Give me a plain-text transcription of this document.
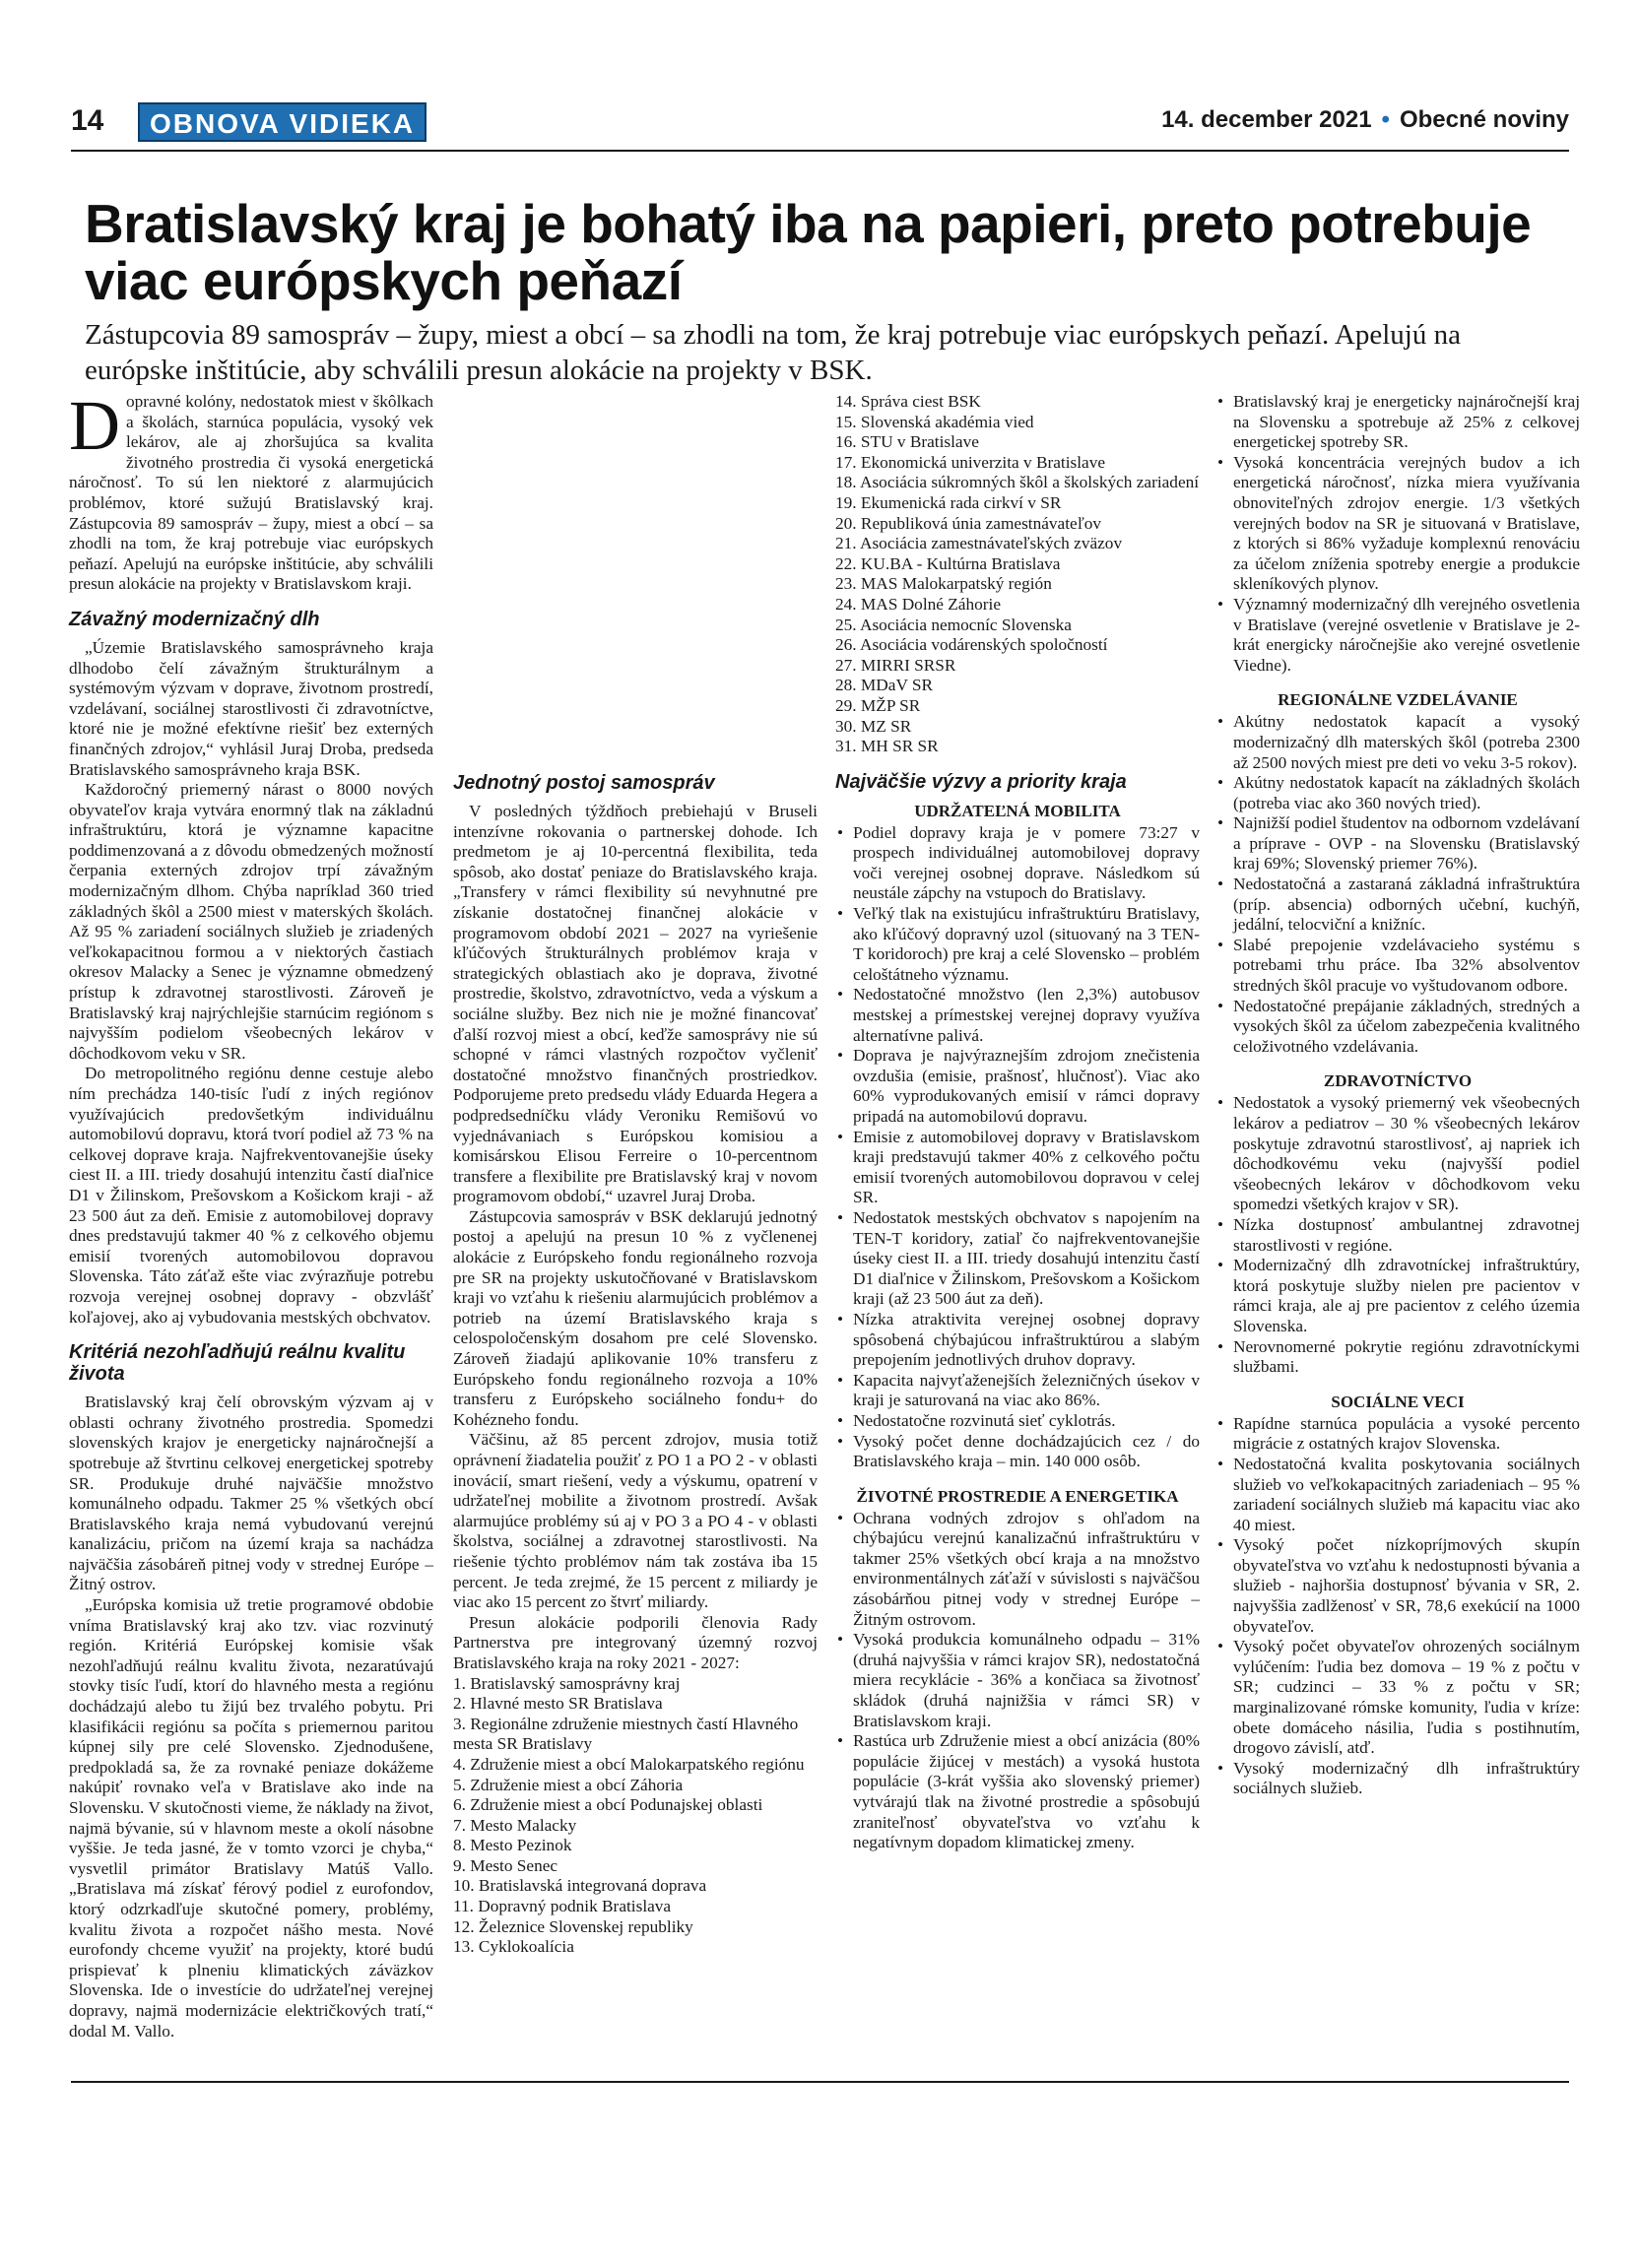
14	OBNOVA VIDIEKA	14. december 2021 • Obecné noviny
Bratislavský kraj je bohatý iba na papieri, preto potrebuje viac európskych peňazí
Zástupcovia 89 samospráv – župy, miest a obcí – sa zhodli na tom, že kraj potrebuje viac európskych peňazí. Apelujú na európske inštitúcie, aby schválili presun alokácie na projekty v BSK.

Dopravné kolóny, nedostatok miest v škôlkach a školách, starnúca populácia, vysoký vek lekárov, ale aj zhoršujúca sa kvalita životného prostredia či vysoká energetická náročnosť. To sú len niektoré z alarmujúcich problémov, ktoré sužujú Bratislavský kraj. Zástupcovia 89 samospráv – župy, miest a obcí – sa zhodli na tom, že kraj potrebuje viac európskych peňazí. Apelujú na európske inštitúcie, aby schválili presun alokácie na projekty v Bratislavskom kraji.

Závažný modernizačný dlh

„Územie Bratislavského samosprávneho kraja dlhodobo čelí závažným štrukturálnym a systémovým výzvam v doprave, životnom prostredí, vzdelávaní, sociálnej starostlivosti či zdravotníctve, ktoré nie je možné efektívne riešiť bez externých finančných zdrojov,“ vyhlásil Juraj Droba, predseda Bratislavského samosprávneho kraja BSK.

Každoročný priemerný nárast o 8000 nových obyvateľov kraja vytvára enormný tlak na základnú infraštruktúru, ktorá je významne kapacitne poddimenzovaná a z dôvodu obmedzených možností čerpania externých zdrojov trpí závažným modernizačným dlhom. Chýba napríklad 360 tried základných škôl a 2500 miest v materských školách. Až 95 % zariadení sociálnych služieb je zriadených veľkokapacitnou formou a v niektorých častiach okresov Malacky a Senec je významne obmedzený prístup k zdravotnej starostlivosti. Zároveň je Bratislavský kraj najrýchlejšie starnúcim regiónom s najvyšším podielom všeobecných lekárov v dôchodkovom veku v SR.

Do metropolitného regiónu denne cestuje alebo ním prechádza 140-tisíc ľudí z iných regiónov využívajúcich predovšetkým individuálnu automobilovú dopravu, ktorá tvorí podiel až 73 % na celkovej doprave kraja. Najfrekventovanejšie úseky ciest II. a III. triedy dosahujú intenzitu častí diaľnice D1 v Žilinskom, Prešovskom a Košickom kraji - až 23 500 áut za deň. Emisie z automobilovej dopravy dnes predstavujú takmer 40 % z celkového objemu emisií tvorených automobilovou dopravou Slovenska. Táto záťaž ešte viac zvýrazňuje potrebu rozvoja verejnej osobnej dopravy - obzvlášť koľajovej, ako aj vybudovania mestských obchvatov.

Kritériá nezohľadňujú reálnu kvalitu života

Bratislavský kraj čelí obrovským výzvam aj v oblasti ochrany životného prostredia. Spomedzi slovenských krajov je energeticky najnáročnejší a spotrebuje až štvrtinu celkovej energetickej spotreby SR. Produkuje druhé najväčšie množstvo komunálneho odpadu. Takmer 25 % všetkých obcí Bratislavského kraja nemá vybudovanú verejnú kanalizáciu, pričom na území kraja sa nachádza najväčšia zásobáreň pitnej vody v strednej Európe – Žitný ostrov.

„Európska komisia už tretie programové obdobie vníma Bratislavský kraj ako tzv. viac rozvinutý región. Kritériá Európskej komisie však nezohľadňujú reálnu kvalitu života, nezaratúvajú stovky tisíc ľudí, ktorí do hlavného mesta a regiónu dochádzajú alebo tu žijú bez trvalého pobytu. Pri klasifikácii regiónu sa počíta s priemernou paritou kúpnej sily pre celé Slovensko. Zjednodušene, predpokladá sa, že za rovnaké peniaze dokážeme nakúpiť rovnako veľa v Bratislave ako inde na Slovensku. V skutočnosti vieme, že náklady na život, najmä bývanie, sú v hlavnom meste a okolí násobne vyššie. Je teda jasné, že v tomto vzorci je chyba,“ vysvetlil primátor Bratislavy Matúš Vallo. „Bratislava má získať férový podiel z eurofondov, ktorý odzrkadľuje skutočné pomery, problémy, kvalitu života a rozpočet nášho mesta. Nové eurofondy chceme využiť na projekty, ktoré budú prispievať k plneniu klimatických záväzkov Slovenska. Ide o investície do udržateľnej verejnej dopravy, najmä modernizácie električkových tratí,“ dodal M. Vallo.

Jednotný postoj samospráv

V posledných týždňoch prebiehajú v Bruseli intenzívne rokovania o partnerskej dohode. Ich predmetom je aj 10-percentná flexibilita, teda spôsob, ako dostať peniaze do Bratislavského kraja. „Transfery v rámci flexibility sú nevyhnutné pre získanie dostatočnej finančnej alokácie v programovom období 2021 – 2027 na vyriešenie kľúčových štrukturálnych problémov kraja v strategických oblastiach ako je doprava, životné prostredie, školstvo, zdravotníctvo, veda a výskum a sociálne služby. Bez nich nie je možné financovať ďalší rozvoj miest a obcí, keďže samosprávy nie sú schopné v rámci vlastných rozpočtov vyčleniť dostatočné množstvo finančných prostriedkov. Podporujeme preto predsedu vlády Eduarda Hegera a podpredsedníčku vlády Veroniku Remišovú vo vyjednávaniach s Európskou komisiou a komisárskou Elisou Ferreire o 10-percentnom transfere a flexibilite pre Bratislavský kraj v novom programovom období,“ uzavrel Juraj Droba.

Zástupcovia samospráv v BSK deklarujú jednotný postoj a apelujú na presun 10 % z vyčlenenej alokácie z Európskeho fondu regionálneho rozvoja pre SR na projekty uskutočňované v Bratislavskom kraji vo vzťahu k riešeniu alarmujúcich problémov a potrieb na území Bratislavského kraja s celospoločenským dosahom pre celé Slovensko. Zároveň žiadajú aplikovanie 10% transferu z Európskeho fondu regionálneho rozvoja a 10% transferu z Európskeho sociálneho fondu+ do Kohézneho fondu.

Väčšinu, až 85 percent zdrojov, musia totiž oprávnení žiadatelia použiť z PO 1 a PO 2 - v oblasti inovácií, smart riešení, vedy a výskumu, opatrení v udržateľnej mobilite a životnom prostredí. Avšak alarmujúce problémy sú aj v PO 3 a PO 4 - v oblasti školstva, sociálnej a zdravotnej starostlivosti. Na riešenie týchto problémov nám tak zostáva iba 15 percent. Je teda zrejmé, že 15 percent z miliardy je viac ako 15 percent zo štvrť miliardy.

Presun alokácie podporili členovia Rady Partnerstva pre integrovaný územný rozvoj Bratislavského kraja na roky 2021 - 2027:

1. Bratislavský samosprávny kraj
2. Hlavné mesto SR Bratislava
3. Regionálne združenie miestnych častí Hlavného mesta SR Bratislavy
4. Združenie miest a obcí Malokarpatského regiónu
5. Združenie miest a obcí Záhoria
6. Združenie miest a obcí Podunajskej oblasti
7. Mesto Malacky
8. Mesto Pezinok
9. Mesto Senec
10. Bratislavská integrovaná doprava
11. Dopravný podnik Bratislava
12. Železnice Slovenskej republiky
13. Cyklokoalícia
14. Správa ciest BSK
15. Slovenská akadémia vied
16. STU v Bratislave
17. Ekonomická univerzita v Bratislave
18. Asociácia súkromných škôl a školských zariadení
19. Ekumenická rada cirkví v SR
20. Republiková únia zamestnávateľov
21. Asociácia zamestnávateľských zväzov
22. KU.BA - Kultúrna Bratislava
23. MAS Malokarpatský región
24. MAS Dolné Záhorie
25. Asociácia nemocníc Slovenska
26. Asociácia vodárenských spoločností
27. MIRRI SRSR
28. MDaV SR
29. MŽP SR
30. MZ SR
31. MH SR SR
Najväčšie výzvy a priority kraja
UDRŽATEĽNÁ MOBILITA
• Podiel dopravy kraja je v pomere 73:27 v prospech individuálnej automobilovej dopravy voči verejnej osobnej doprave. Následkom sú neustále zápchy na vstupoch do Bratislavy.
• Veľký tlak na existujúcu infraštruktúru Bratislavy, ako kľúčový dopravný uzol (situovaný na 3 TEN-T koridoroch) pre kraj a celé Slovensko – problém celoštátneho významu.
• Nedostatočné množstvo (len 2,3%) autobusov mestskej a prímestskej verejnej dopravy využíva alternatívne palivá.
• Doprava je najvýraznejším zdrojom znečistenia ovzdušia (emisie, prašnosť, hlučnosť). Viac ako 60% vyprodukovaných emisií v rámci dopravy pripadá na automobilovú dopravu.
• Emisie z automobilovej dopravy v Bratislavskom kraji predstavujú takmer 40% z celkového počtu emisií tvorených automobilovou dopravou v celej SR.
• Nedostatok mestských obchvatov s napojením na TEN-T koridory, zatiaľ čo najfrekventovanejšie úseky ciest II. a III. triedy dosahujú intenzitu častí D1 diaľnice v Žilinskom, Prešovskom a Košickom kraji (až 23 500 áut za deň).
• Nízka atraktivita verejnej osobnej dopravy spôsobená chýbajúcou infraštruktúrou a slabým prepojením jednotlivých druhov dopravy.
• Kapacita najvyťaženejších železničných úsekov v kraji je saturovaná na viac ako 86%.
• Nedostatočne rozvinutá sieť cyklotrás.
• Vysoký počet denne dochádzajúcich cez / do Bratislavského kraja – min. 140 000 osôb.
ŽIVOTNÉ PROSTREDIE A ENERGETIKA
• Ochrana vodných zdrojov s ohľadom na chýbajúcu verejnú kanalizačnú infraštruktúru v takmer 25% všetkých obcí kraja a na množstvo environmentálnych záťaží v súvislosti s najväčšou zásobárňou pitnej vody v strednej Európe – Žitným ostrovom.
• Vysoká produkcia komunálneho odpadu – 31% (druhá najvyššia v rámci krajov SR), nedostatočná miera recyklácie - 36% a končiaca sa životnosť skládok (druhá najnižšia v rámci SR) v Bratislavskom kraji.
• Rastúca urb Združenie miest a obcí anizácia (80% populácie žijúcej v mestách) a vysoká hustota populácie (3-krát vyššia ako slovenský priemer) vytvárajú tlak na životné prostredie a spôsobujú zraniteľnosť obyvateľstva vo vzťahu k negatívnym dopadom klimatickej zmeny.
• Bratislavský kraj je energeticky najnáročnejší kraj na Slovensku a spotrebuje až 25% z celkovej energetickej spotreby SR.
• Vysoká koncentrácia verejných budov a ich energetická náročnosť, nízka miera využívania obnoviteľných zdrojov energie. 1/3 všetkých verejných bodov na SR je situovaná v Bratislave, z ktorých si 86% vyžaduje komplexnú renováciu za účelom zníženia spotreby energie a produkcie skleníkových plynov.
• Významný modernizačný dlh verejného osvetlenia v Bratislave (verejné osvetlenie v Bratislave je 2-krát energicky náročnejšie ako verejné osvetlenie Viedne).
REGIONÁLNE VZDELÁVANIE
• Akútny nedostatok kapacít a vysoký modernizačný dlh materských škôl (potreba 2300 až 2500 nových miest pre deti vo veku 3-5 rokov).
• Akútny nedostatok kapacít na základných školách (potreba viac ako 360 nových tried).
• Najnižší podiel študentov na odbornom vzdelávaní a príprave - OVP - na Slovensku (Bratislavský kraj 69%; Slovenský priemer 76%).
• Nedostatočná a zastaraná základná infraštruktúra (príp. absencia) odborných učební, kuchýň, jedální, telocviční a knižníc.
• Slabé prepojenie vzdelávacieho systému s potrebami trhu práce. Iba 32% absolventov stredných škôl pracuje vo vyštudovanom odbore.
• Nedostatočné prepájanie základných, stredných a vysokých škôl za účelom zabezpečenia kvalitného celoživotného vzdelávania.
ZDRAVOTNÍCTVO
• Nedostatok a vysoký priemerný vek všeobecných lekárov a pediatrov – 30 % všeobecných lekárov poskytuje zdravotnú starostlivosť, aj napriek ich dôchodkovému veku (najvyšší podiel všeobecných lekárov v dôchodkovom veku spomedzi všetkých krajov v SR).
• Nízka dostupnosť ambulantnej zdravotnej starostlivosti v regióne.
• Modernizačný dlh zdravotníckej infraštruktúry, ktorá poskytuje služby nielen pre pacientov v rámci kraja, ale aj pre pacientov z celého územia Slovenska.
• Nerovnomerné pokrytie regiónu zdravotníckymi službami.
SOCIÁLNE VECI
• Rapídne starnúca populácia a vysoké percento migrácie z ostatných krajov Slovenska.
• Nedostatočná kvalita poskytovania sociálnych služieb vo veľkokapacitných zariadeniach – 95 % zariadení sociálnych služieb má kapacitu viac ako 40 miest.
• Vysoký počet nízkopríjmových skupín obyvateľstva vo vzťahu k nedostupnosti bývania a služieb - najhoršia dostupnosť bývania v SR, 2. najvyššia zadlženosť v SR, 78,6 exekúcií na 1000 obyvateľov.
• Vysoký počet obyvateľov ohrozených sociálnym vylúčením: ľudia bez domova – 19 % z počtu v SR; cudzinci – 33 % z počtu v SR; marginalizované rómske komunity, ľudia v kríze: obete domáceho násilia, ľudia s postihnutím, drogovo závislí, atď.
• Vysoký modernizačný dlh infraštruktúry sociálnych služieb.
